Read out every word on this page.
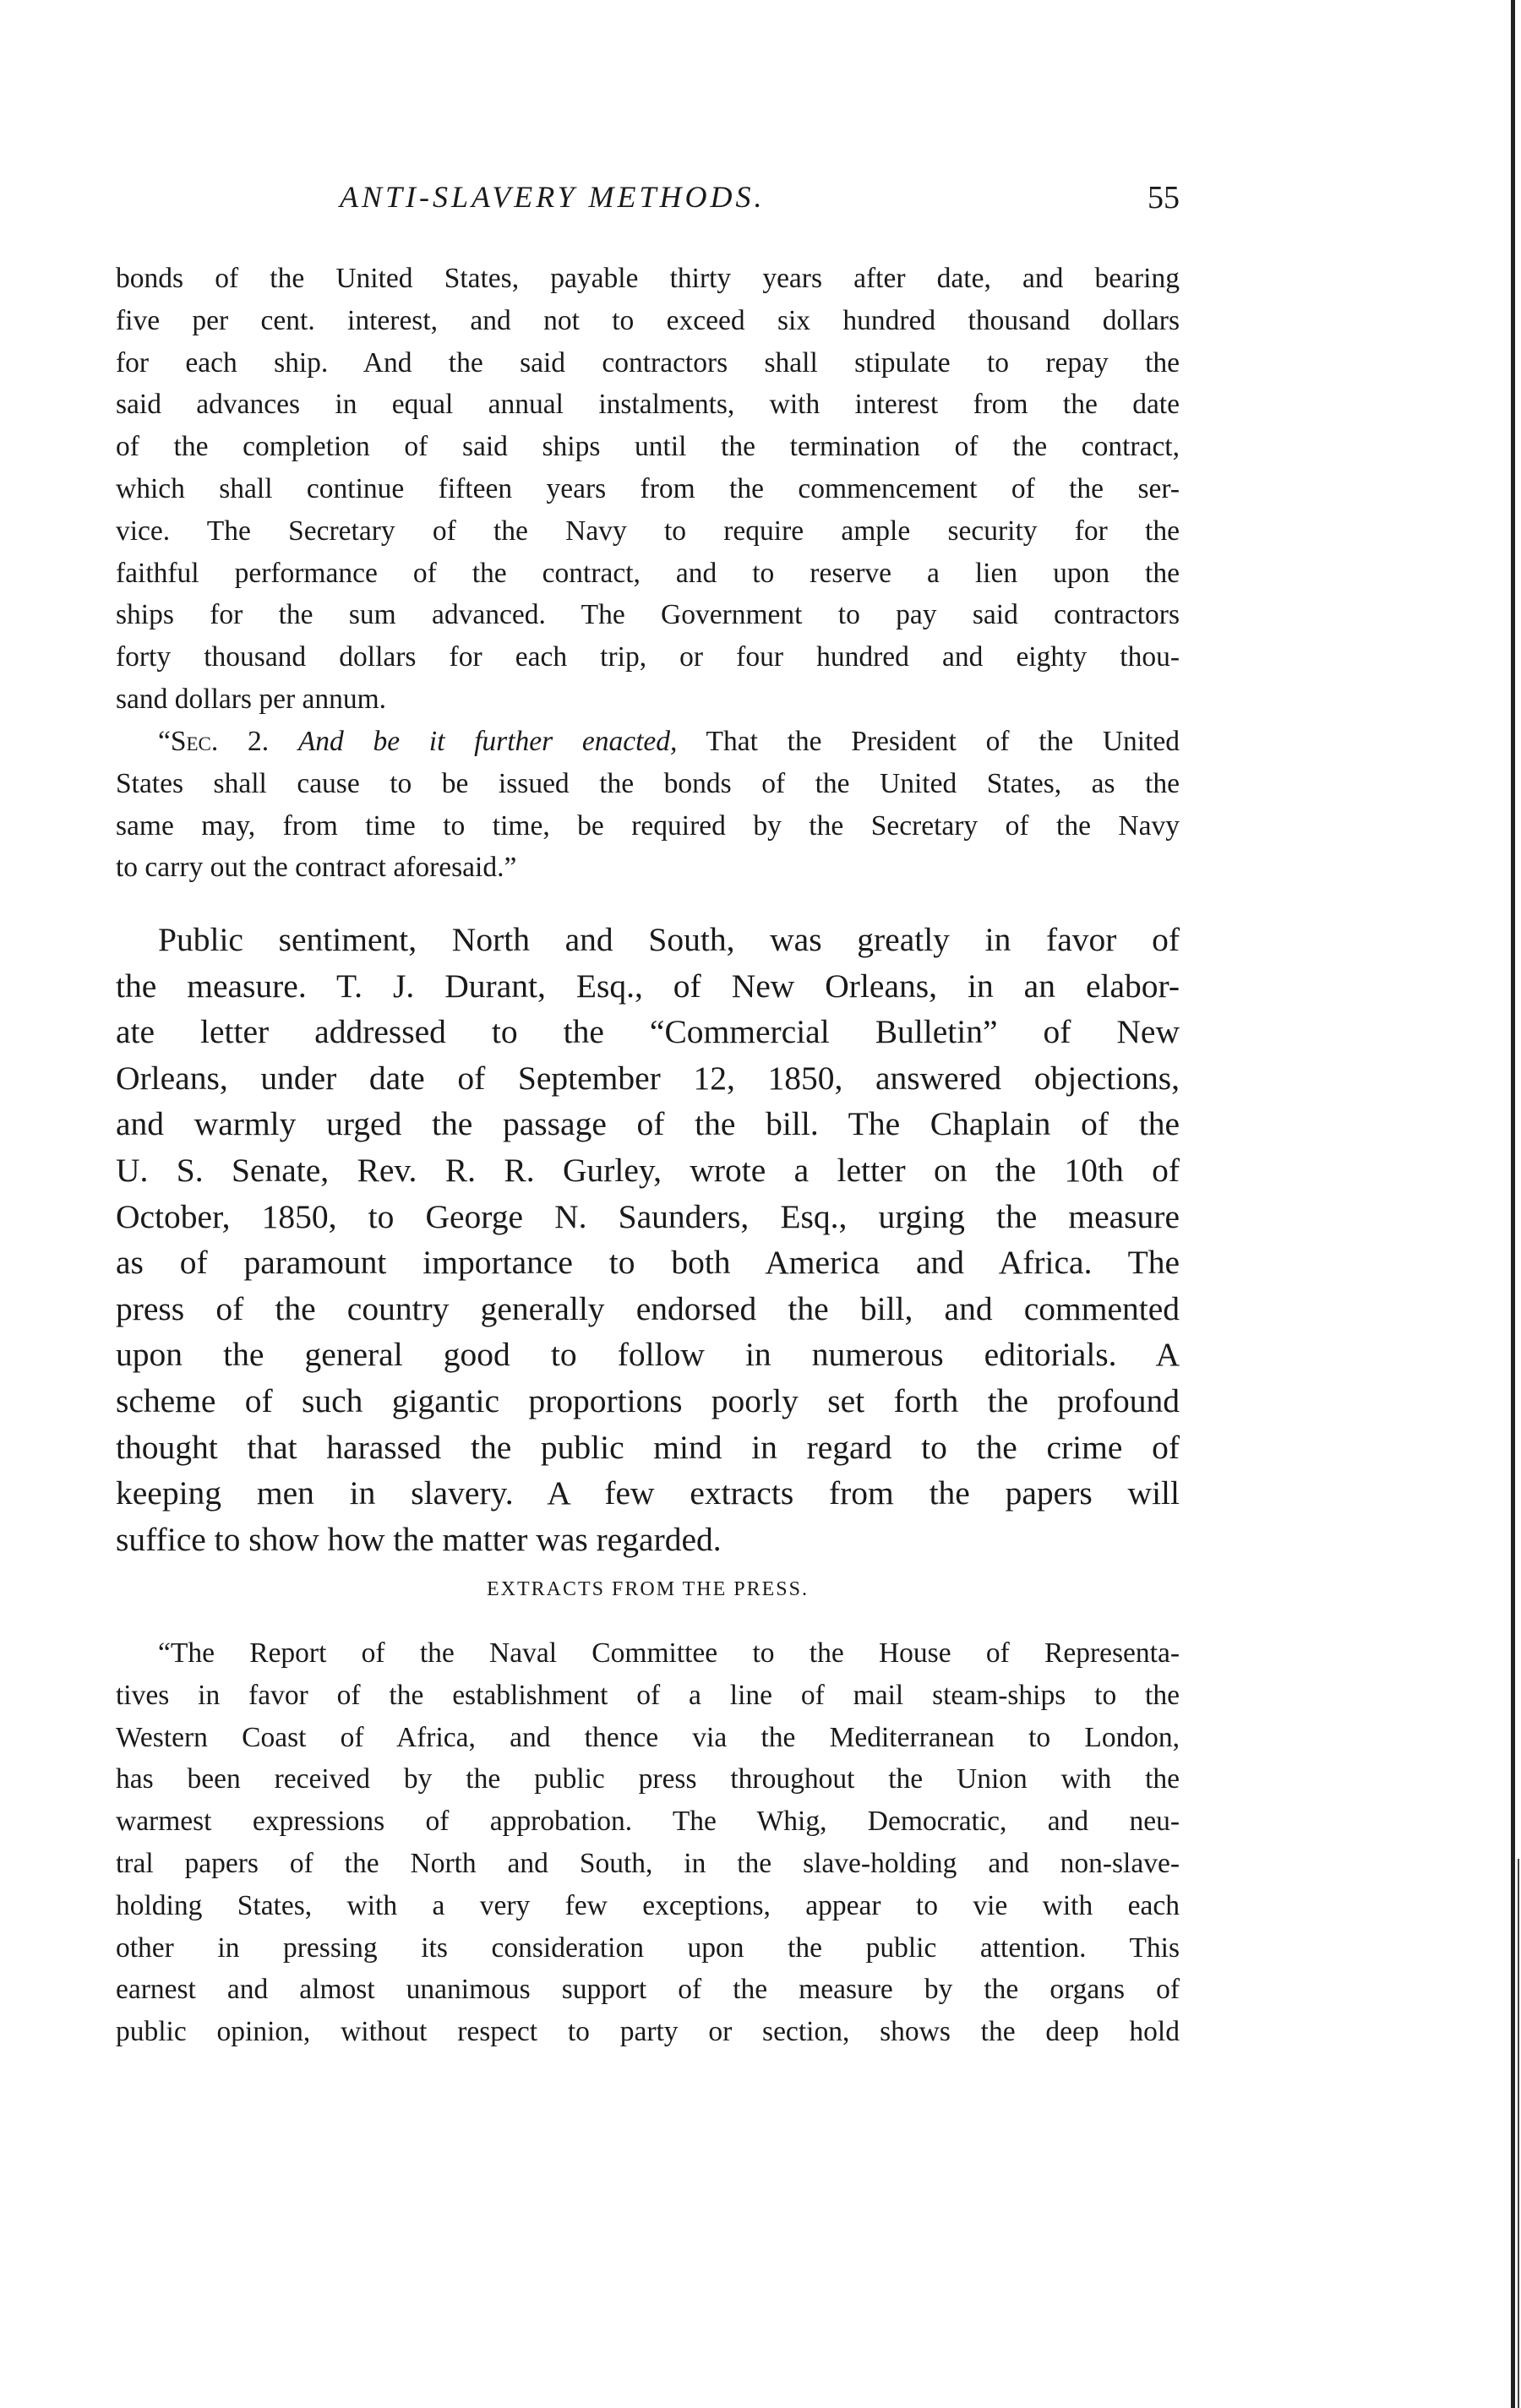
ANTI-SLAVERY METHODS.	55
bonds of the United States, payable thirty years after date, and bearing
five per cent. interest, and not to exceed six hundred thousand dollars
for each ship. And the said contractors shall stipulate to repay the
said advances in equal annual instalments, with interest from the date
of the completion of said ships until the termination of the contract,
which shall continue fifteen years from the commencement of the ser-
vice. The Secretary of the Navy to require ample security for the
faithful performance of the contract, and to reserve a lien upon the
ships for the sum advanced. The Government to pay said contractors
forty thousand dollars for each trip, or four hundred and eighty thou-
sand dollars per annum.
“Sec. 2. And be it further enacted, That the President of the United
States shall cause to be issued the bonds of the United States, as the
same may, from time to time, be required by the Secretary of the Navy
to carry out the contract aforesaid.”
Public sentiment, North and South, was greatly in favor of
the measure. T. J. Durant, Esq., of New Orleans, in an elabor-
ate letter addressed to the “Commercial Bulletin” of New
Orleans, under date of September 12, 1850, answered objections,
and warmly urged the passage of the bill. The Chaplain of the
U. S. Senate, Rev. R. R. Gurley, wrote a letter on the 10th of
October, 1850, to George N. Saunders, Esq., urging the measure
as of paramount importance to both America and Africa. The
press of the country generally endorsed the bill, and commented
upon the general good to follow in numerous editorials. A
scheme of such gigantic proportions poorly set forth the profound
thought that harassed the public mind in regard to the crime of
keeping men in slavery. A few extracts from the papers will
suffice to show how the matter was regarded.
EXTRACTS FROM THE PRESS.
“The Report of the Naval Committee to the House of Representa-
tives in favor of the establishment of a line of mail steam-ships to the
Western Coast of Africa, and thence via the Mediterranean to London,
has been received by the public press throughout the Union with the
warmest expressions of approbation. The Whig, Democratic, and neu-
tral papers of the North and South, in the slave-holding and non-slave-
holding States, with a very few exceptions, appear to vie with each
other in pressing its consideration upon the public attention. This
earnest and almost unanimous support of the measure by the organs of
public opinion, without respect to party or section, shows the deep hold
